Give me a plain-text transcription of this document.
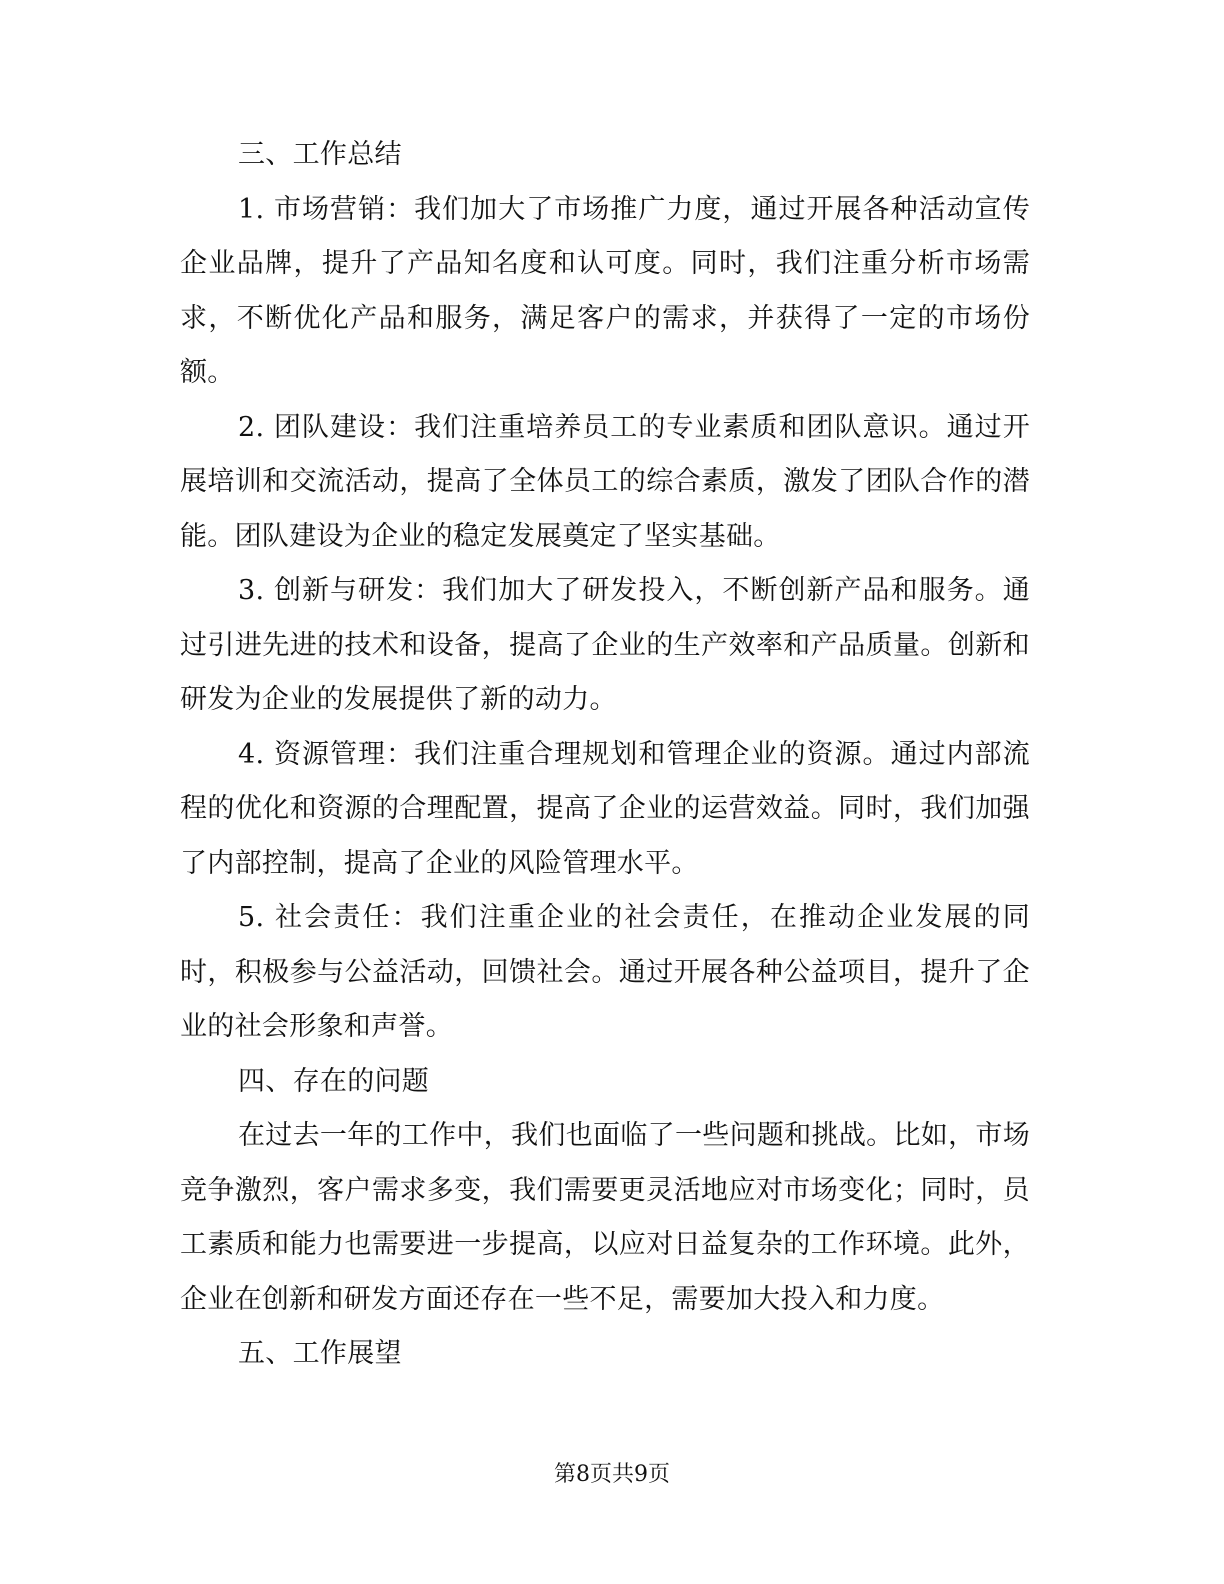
三、工作总结

1. 市场营销：我们加大了市场推广力度，通过开展各种活动宣传企业品牌，提升了产品知名度和认可度。同时，我们注重分析市场需求，不断优化产品和服务，满足客户的需求，并获得了一定的市场份额。

2. 团队建设：我们注重培养员工的专业素质和团队意识。通过开展培训和交流活动，提高了全体员工的综合素质，激发了团队合作的潜能。团队建设为企业的稳定发展奠定了坚实基础。

3. 创新与研发：我们加大了研发投入，不断创新产品和服务。通过引进先进的技术和设备，提高了企业的生产效率和产品质量。创新和研发为企业的发展提供了新的动力。

4. 资源管理：我们注重合理规划和管理企业的资源。通过内部流程的优化和资源的合理配置，提高了企业的运营效益。同时，我们加强了内部控制，提高了企业的风险管理水平。

5. 社会责任：我们注重企业的社会责任，在推动企业发展的同时，积极参与公益活动，回馈社会。通过开展各种公益项目，提升了企业的社会形象和声誉。

四、存在的问题

在过去一年的工作中，我们也面临了一些问题和挑战。比如，市场竞争激烈，客户需求多变，我们需要更灵活地应对市场变化；同时，员工素质和能力也需要进一步提高，以应对日益复杂的工作环境。此外，企业在创新和研发方面还存在一些不足，需要加大投入和力度。

五、工作展望

第8页共9页
